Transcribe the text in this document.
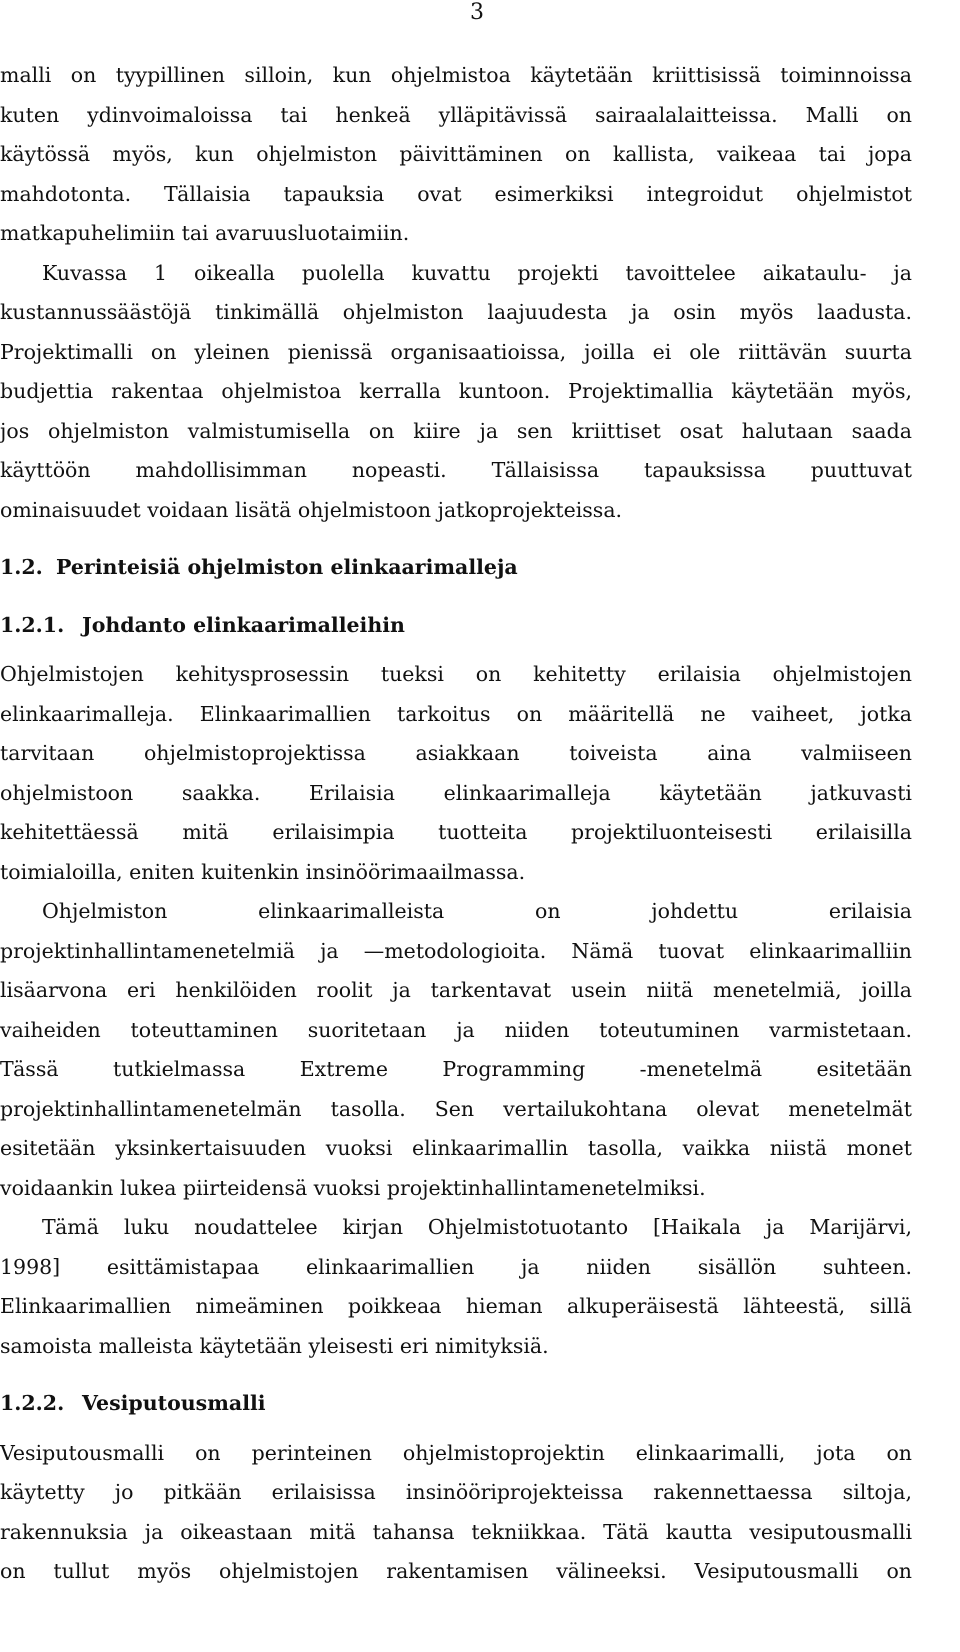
3
malli on tyypillinen silloin, kun ohjelmistoa käytetään kriittisissä toiminnoissa
kuten ydinvoimaloissa tai henkeä ylläpitävissä sairaalalaitteissa. Malli on
käytössä myös, kun ohjelmiston päivittäminen on kallista, vaikeaa tai jopa
mahdotonta. Tällaisia tapauksia ovat esimerkiksi integroidut ohjelmistot
matkapuhelimiin tai avaruusluotaimiin.
Kuvassa 1 oikealla puolella kuvattu projekti tavoittelee aikataulu- ja
kustannussäästöjä tinkimällä ohjelmiston laajuudesta ja osin myös laadusta.
Projektimalli on yleinen pienissä organisaatioissa, joilla ei ole riittävän suurta
budjettia rakentaa ohjelmistoa kerralla kuntoon. Projektimallia käytetään myös,
jos ohjelmiston valmistumisella on kiire ja sen kriittiset osat halutaan saada
käyttöön mahdollisimman nopeasti. Tällaisissa tapauksissa puuttuvat
ominaisuudet voidaan lisätä ohjelmistoon jatkoprojekteissa.
1.2. Perinteisiä ohjelmiston elinkaarimalleja
1.2.1. Johdanto elinkaarimalleihin
Ohjelmistojen kehitysprosessin tueksi on kehitetty erilaisia ohjelmistojen
elinkaarimalleja. Elinkaarimallien tarkoitus on määritellä ne vaiheet, jotka
tarvitaan ohjelmistoprojektissa asiakkaan toiveista aina valmiiseen
ohjelmistoon saakka. Erilaisia elinkaarimalleja käytetään jatkuvasti
kehitettäessä mitä erilaisimpia tuotteita projektiluonteisesti erilaisilla
toimialoilla, eniten kuitenkin insinöörimaailmassa.
Ohjelmiston elinkaarimalleista on johdettu erilaisia
projektinhallintamenetelmiä ja —metodologioita. Nämä tuovat elinkaarimalliin
lisäarvona eri henkilöiden roolit ja tarkentavat usein niitä menetelmiä, joilla
vaiheiden toteuttaminen suoritetaan ja niiden toteutuminen varmistetaan.
Tässä tutkielmassa Extreme Programming -menetelmä esitetään
projektinhallintamenetelmän tasolla. Sen vertailukohtana olevat menetelmät
esitetään yksinkertaisuuden vuoksi elinkaarimallin tasolla, vaikka niistä monet
voidaankin lukea piirteidensä vuoksi projektinhallintamenetelmiksi.
Tämä luku noudattelee kirjan Ohjelmistotuotanto [Haikala ja Marijärvi,
1998] esittämistapaa elinkaarimallien ja niiden sisällön suhteen.
Elinkaarimallien nimeäminen poikkeaa hieman alkuperäisestä lähteestä, sillä
samoista malleista käytetään yleisesti eri nimityksiä.
1.2.2. Vesiputousmalli
Vesiputousmalli on perinteinen ohjelmistoprojektin elinkaarimalli, jota on
käytetty jo pitkään erilaisissa insinööriprojekteissa rakennettaessa siltoja,
rakennuksia ja oikeastaan mitä tahansa tekniikkaa. Tätä kautta vesiputousmalli
on tullut myös ohjelmistojen rakentamisen välineeksi. Vesiputousmalli on
